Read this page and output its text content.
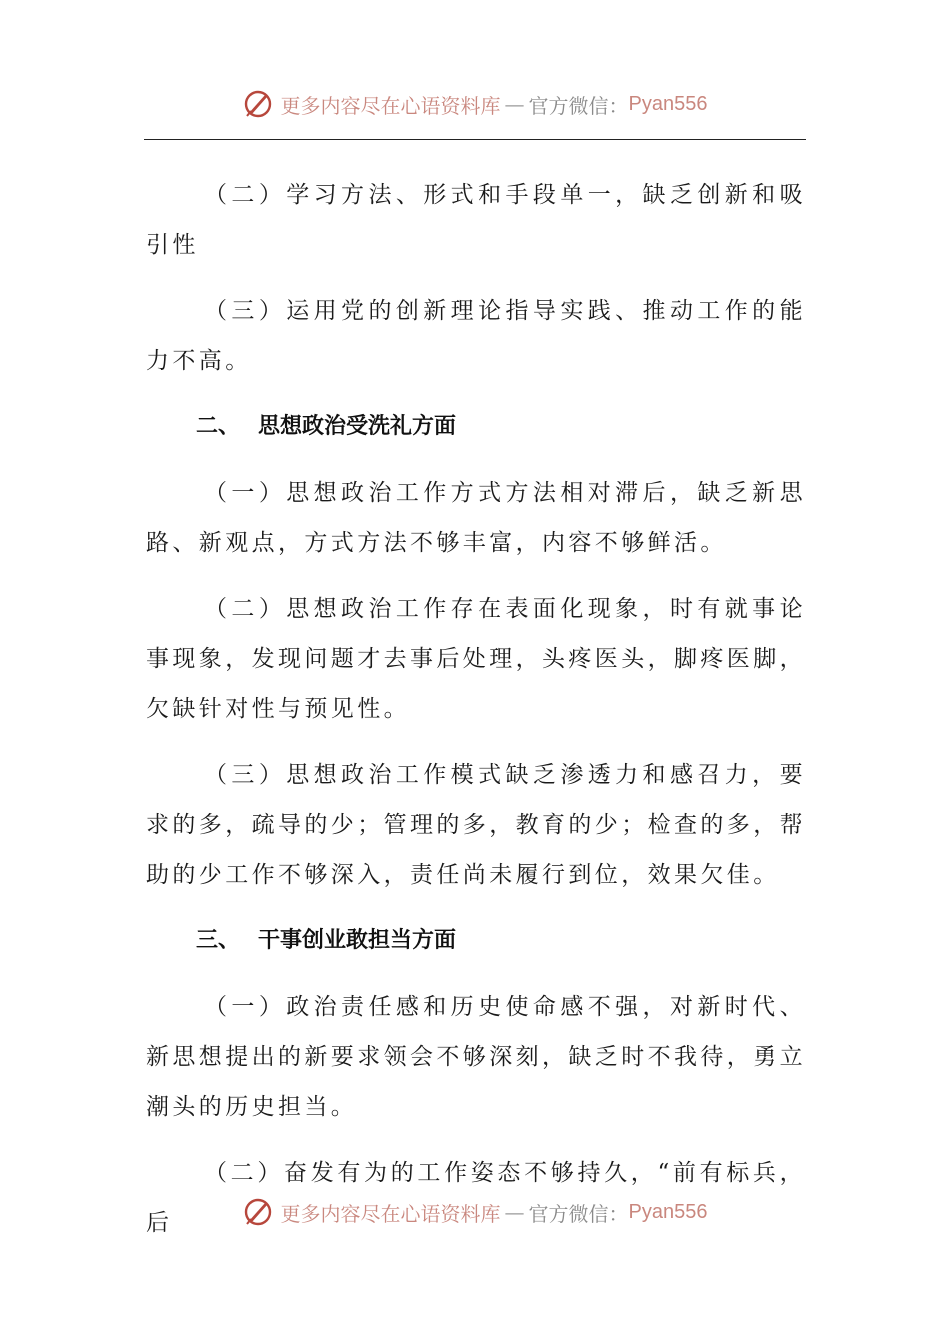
更多内容尽在心语资料库 — 官方微信： Pyan556

（二）学习方法、形式和手段单一，缺乏创新和吸引性

（三）运用党的创新理论指导实践、推动工作的能力不高。

二、 思想政治受洗礼方面

（一）思想政治工作方式方法相对滞后，缺乏新思路、新观点，方式方法不够丰富，内容不够鲜活。

（二）思想政治工作存在表面化现象，时有就事论事现象，发现问题才去事后处理，头疼医头，脚疼医脚，欠缺针对性与预见性。

（三）思想政治工作模式缺乏渗透力和感召力，要求的多，疏导的少；管理的多，教育的少；检查的多，帮助的少工作不够深入，责任尚未履行到位，效果欠佳。

三、 干事创业敢担当方面

（一）政治责任感和历史使命感不强，对新时代、新思想提出的新要求领会不够深刻，缺乏时不我待，勇立潮头的历史担当。

（二）奋发有为的工作姿态不够持久，“前有标兵，后	更多内容尽在心语资料库 — 官方微信： Pyan556
